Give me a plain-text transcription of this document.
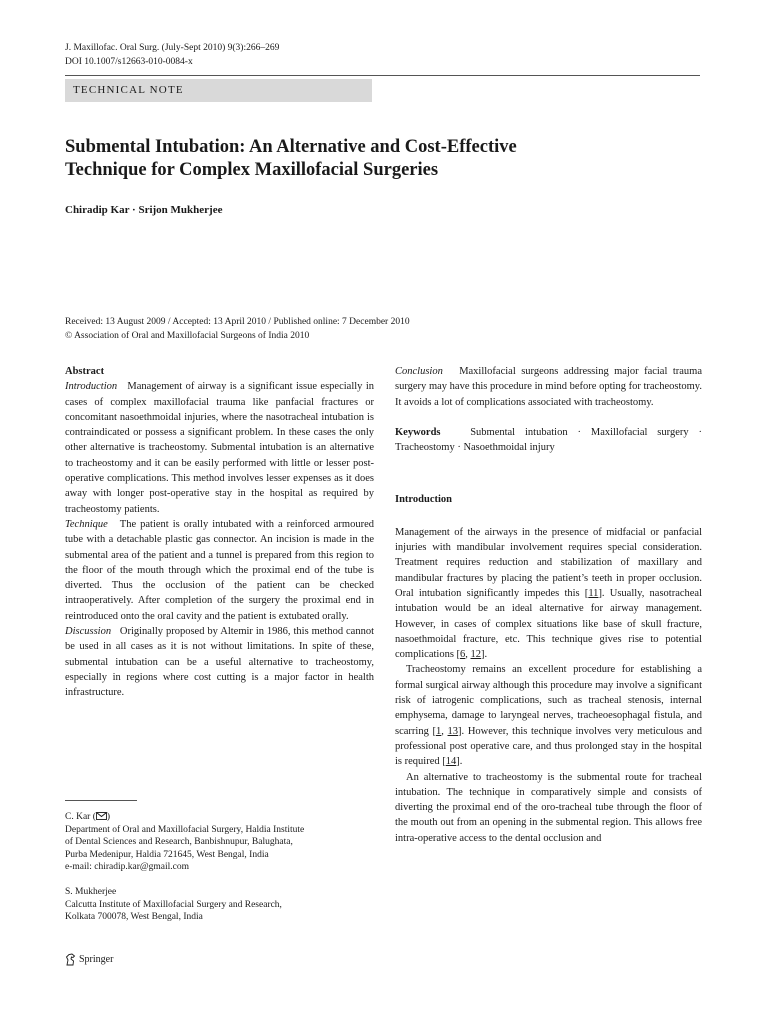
J. Maxillofac. Oral Surg. (July-Sept 2010) 9(3):266–269
DOI 10.1007/s12663-010-0084-x
TECHNICAL NOTE
Submental Intubation: An Alternative and Cost-Effective
Technique for Complex Maxillofacial Surgeries
Chiradip Kar · Srijon Mukherjee
Received: 13 August 2009 / Accepted: 13 April 2010 / Published online: 7 December 2010
© Association of Oral and Maxillofacial Surgeons of India 2010

Abstract

Introduction Management of airway is a significant issue especially in cases of complex maxillofacial trauma like panfacial fractures or concomitant nasoethmoidal injuries, where the nasotracheal intubation is contraindicated or possess a significant problem. In these cases the only other alternative is tracheostomy. Submental intubation is an alternative to tracheostomy and it can be easily performed with little or lesser post-operative complications. This method involves lesser expenses as it does away with longer post-operative stay in the hospital as required by tracheostomy patients.

Technique The patient is orally intubated with a reinforced armoured tube with a detachable plastic gas connector. An incision is made in the submental area of the patient and a tunnel is prepared from this region to the floor of the mouth through which the proximal end of the tube is diverted. Thus the occlusion of the patient can be checked intraoperatively. After completion of the surgery the proximal end in reintroduced onto the oral cavity and the patient is extubated orally.

Discussion Originally proposed by Altemir in 1986, this method cannot be used in all cases as it is not without limitations. In spite of these, submental intubation can be a useful alternative to tracheostomy, especially in regions where cost cutting is a major factor in health infrastructure.

Conclusion Maxillofacial surgeons addressing major facial trauma surgery may have this procedure in mind before opting for tracheostomy. It avoids a lot of complications associated with tracheostomy.

Keywords	Submental intubation · Maxillofacial surgery · Tracheostomy · Nasoethmoidal injury

Introduction

Management of the airways in the presence of midfacial or panfacial injuries with mandibular involvement requires special consideration. Treatment requires reduction and stabilization of maxillary and mandibular fractures by placing the patient’s teeth in proper occlusion. Oral intubation significantly impedes this [11]. Usually, nasotracheal intubation would be an ideal alternative for airway management. However, in cases of complex situations like base of skull fracture, nasoethmoidal fracture, etc. This technique gives rise to potential complications [6, 12].

Tracheostomy remains an excellent procedure for establishing a formal surgical airway although this procedure may involve a significant risk of iatrogenic complications, such as tracheal stenosis, internal emphysema, damage to laryngeal nerves, tracheoesophagal fistula, and scarring [1, 13]. However, this technique involves very meticulous and professional post operative care, and thus prolonged stay in the hospital is required [14].

An alternative to tracheostomy is the submental route for tracheal intubation. The technique in comparatively simple and consists of diverting the proximal end of the oro-tracheal tube through the floor of the mouth out from an opening in the submental region. This allows free intra-operative access to the dental occlusion and

C. Kar ( )

Department of Oral and Maxillofacial Surgery, Haldia Institute

of Dental Sciences and Research, Banbishnupur, Balughata,

Purba Medenipur, Haldia 721645, West Bengal, India

e-mail: chiradip.kar@gmail.com

S. Mukherjee

Calcutta Institute of Maxillofacial Surgery and Research,

Kolkata 700078, West Bengal, India

Springer
